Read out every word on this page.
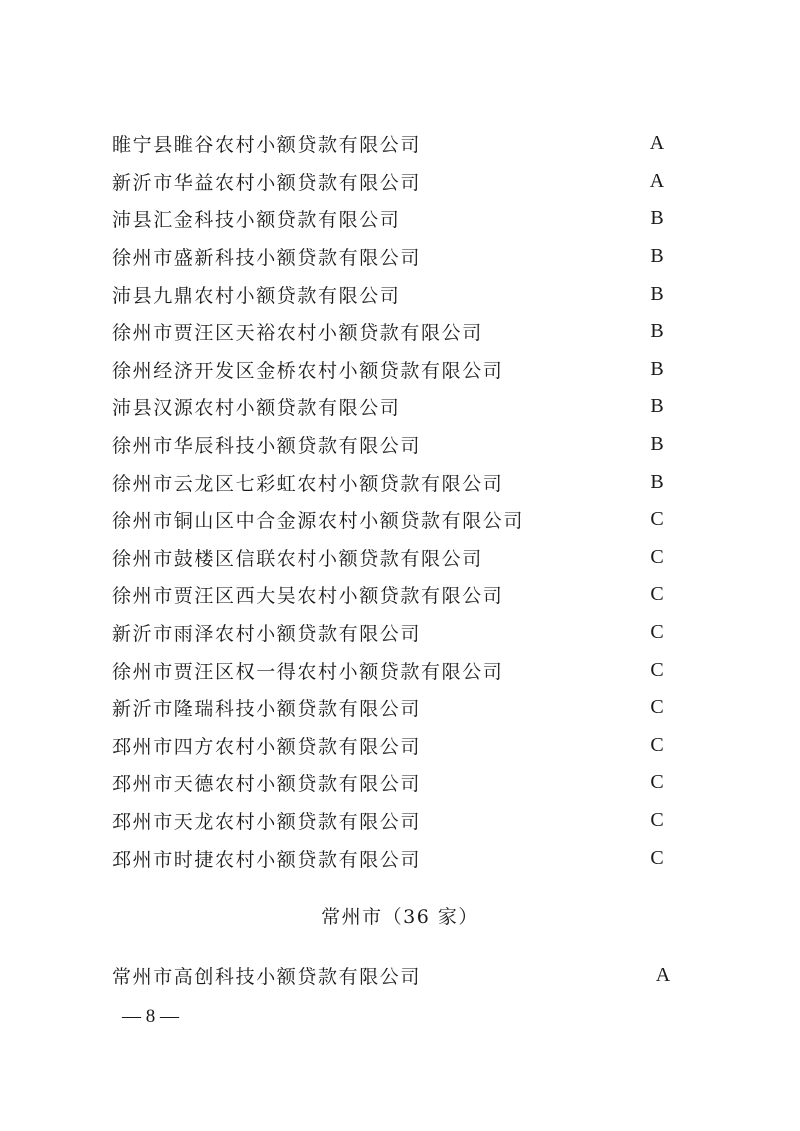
睢宁县睢谷农村小额贷款有限公司	A
新沂市华益农村小额贷款有限公司	A
沛县汇金科技小额贷款有限公司	B
徐州市盛新科技小额贷款有限公司	B
沛县九鼎农村小额贷款有限公司	B
徐州市贾汪区天裕农村小额贷款有限公司	B
徐州经济开发区金桥农村小额贷款有限公司	B
沛县汉源农村小额贷款有限公司	B
徐州市华辰科技小额贷款有限公司	B
徐州市云龙区七彩虹农村小额贷款有限公司	B
徐州市铜山区中合金源农村小额贷款有限公司	C
徐州市鼓楼区信联农村小额贷款有限公司	C
徐州市贾汪区西大吴农村小额贷款有限公司	C
新沂市雨泽农村小额贷款有限公司	C
徐州市贾汪区权一得农村小额贷款有限公司	C
新沂市隆瑞科技小额贷款有限公司	C
邳州市四方农村小额贷款有限公司	C
邳州市天德农村小额贷款有限公司	C
邳州市天龙农村小额贷款有限公司	C
邳州市时捷农村小额贷款有限公司	C
常州市（36 家）
常州市高创科技小额贷款有限公司	A
— 8 —
